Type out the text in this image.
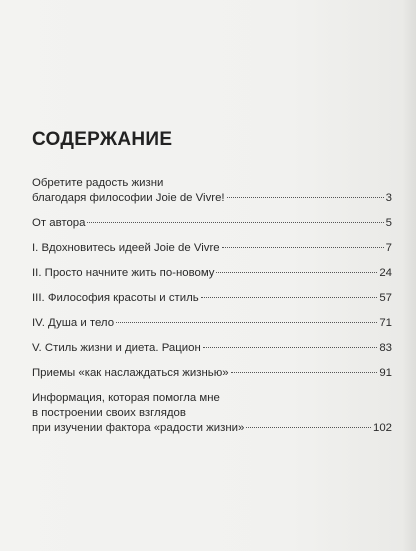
СОДЕРЖАНИЕ
Обретите радость жизни
благодаря философии Joie de Vivre!	3
От автора	5
I. Вдохновитесь идеей Joie de Vivre	7
II. Просто начните жить по-новому	24
III. Философия красоты и стиль	57
IV. Душа и тело	71
V. Стиль жизни и диета. Рацион	83
Приемы «как наслаждаться жизнью»	91
Информация, которая помогла мне
в построении своих взглядов
при изучении фактора «радости жизни»	102
